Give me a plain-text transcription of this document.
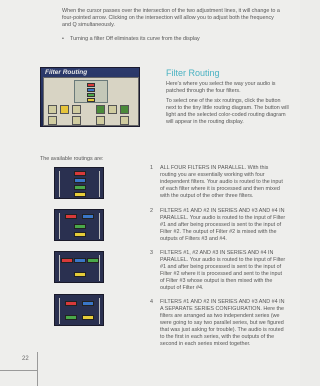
When the cursor passes over the intersection of the two adjustment lines, it will change to a four-pointed arrow. Clicking on the intersection will allow you to adjust both the frequency and Q simultaneously.
• Turning a filter Off eliminates its curve from the display
Filter Routing	Filter Routing

Here's where you select the way your audio is patched through the four filters.

To select one of the six routings, click the button next to the tiny little routing diagram. The button will light and the selected color-coded routing diagram will appear in the routing display.

The available routings are:
1 ALL FOUR FILTERS IN PARALLEL. With this routing you are essentially working with four independent filters. Your audio is routed to the input of each filter where it is processed and then mixed with the output of the other three filters.
2 FILTERS #1 AND #2 IN SERIES AND #3 AND #4 IN PARALLEL. Your audio is routed to the input of Filter #1 and after being processed is sent to the input of Filter #2. The output of Filter #2 is mixed with the outputs of Filters #3 and #4.
3 FILTERS #1, #2 AND #3 IN SERIES AND #4 IN PARALLEL. Your audio is routed to the input of Filter #1 and after being processed is sent to the input of Filter #2 where it is processed and sent to the input of Filter #3 whose output is then mixed with the output of Filter #4.
4 FILTERS #1 AND #2 IN SERIES AND #3 AND #4 IN A SEPARATE SERIES CONFIGURATION. Here the filters are arranged as two independent series (we were going to say two parallel series, but we figured that was just asking for trouble). The audio is routed to the first in each series, with the outputs of the second in each series mixed together.
22
